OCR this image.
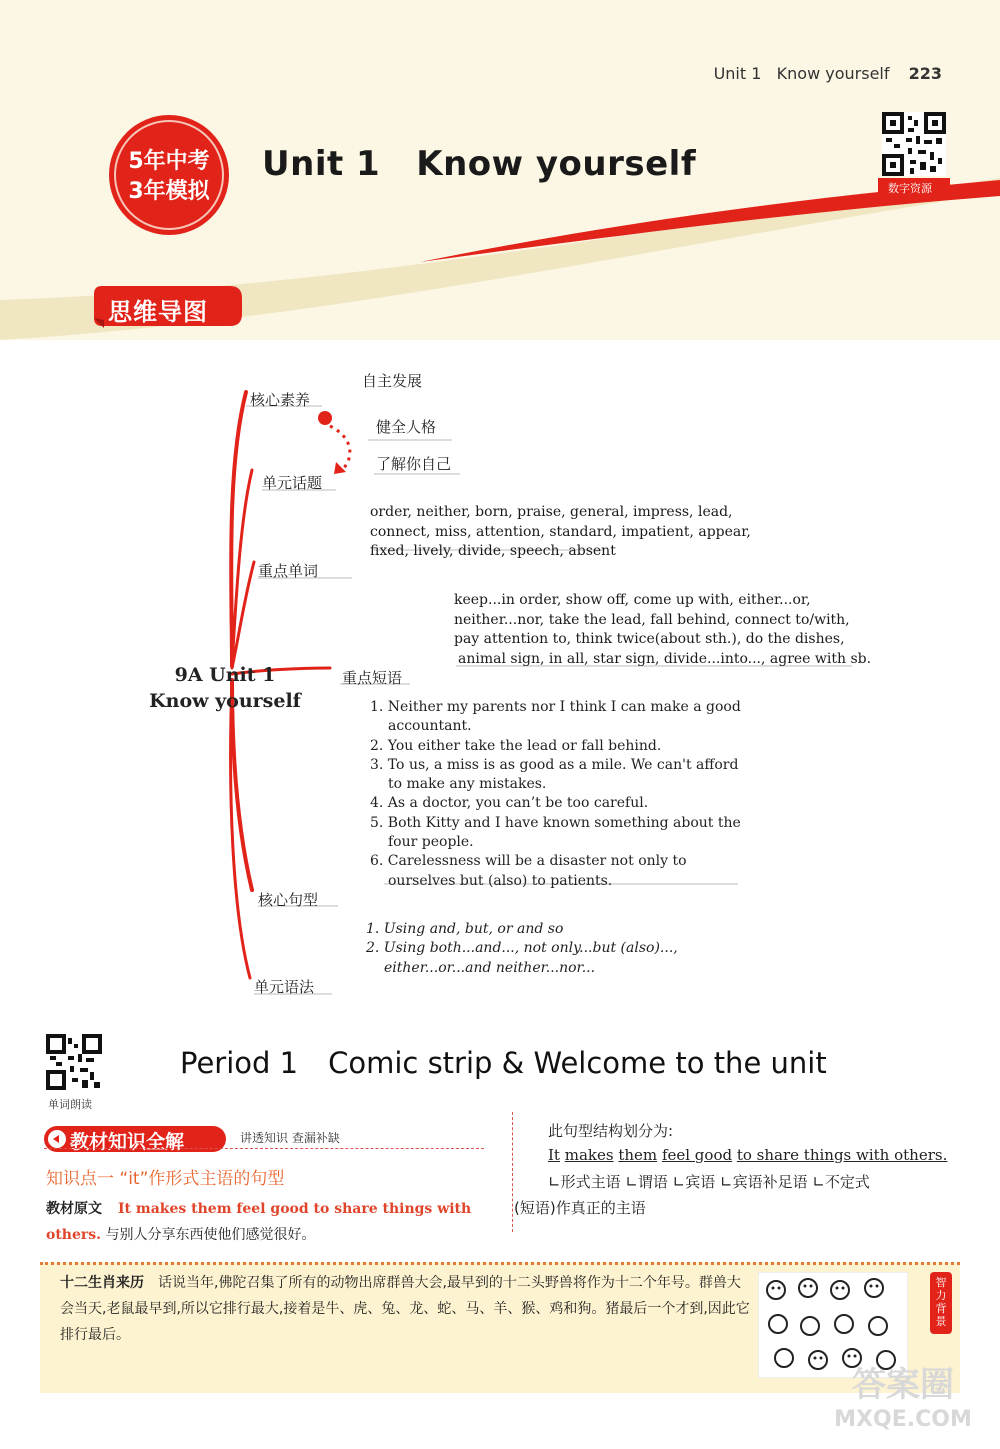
Unit 1 Know yourself 223
5年中考
3年模拟
Unit 1 Know yourself
数字资源
思维导图
9A Unit 1
Know yourself
核心素养
自主发展
健全人格
了解你自己
单元话题
order, neither, born, praise, general, impress, lead,
connect, miss, attention, standard, impatient, appear,
fixed, lively, divide, speech, absent
重点单词
keep...in order, show off, come up with, either...or,
neither...nor, take the lead, fall behind, connect to/with,
pay attention to, think twice(about sth.), do the dishes,
animal sign, in all, star sign, divide...into..., agree with sb.
重点短语
1. Neither my parents nor I think I can make a good accountant.
2. You either take the lead or fall behind.
3. To us, a miss is as good as a mile. We can't afford to make any mistakes.
4. As a doctor, you can’t be too careful.
5. Both Kitty and I have known something about the four people.
6. Carelessness will be a disaster not only to ourselves but (also) to patients.
核心句型
1. Using and, but, or and so
2. Using both...and..., not only...but (also)..., either...or...and neither...nor...
单元语法
单词朗读
Period 1 Comic strip & Welcome to the unit
教材知识全解	讲透知识 查漏补缺
知识点一 “it”作形式主语的句型
教材原文 It makes them feel good to share things with others. 与别人分享东西使他们感觉很好。
此句型结构划分为:
It makes them feel good to share things with others.
∟形式主语 ∟谓语 ∟宾语 ∟宾语补足语 ∟不定式
(短语)作真正的主语
十二生肖来历 话说当年,佛陀召集了所有的动物出席群兽大会,最早到的十二头野兽将作为十二个年号。群兽大会当天,老鼠最早到,所以它排行最大,接着是牛、虎、兔、龙、蛇、马、羊、猴、鸡和狗。猪最后一个才到,因此它排行最后。
智力背景
答案圈
MXQE.COM
